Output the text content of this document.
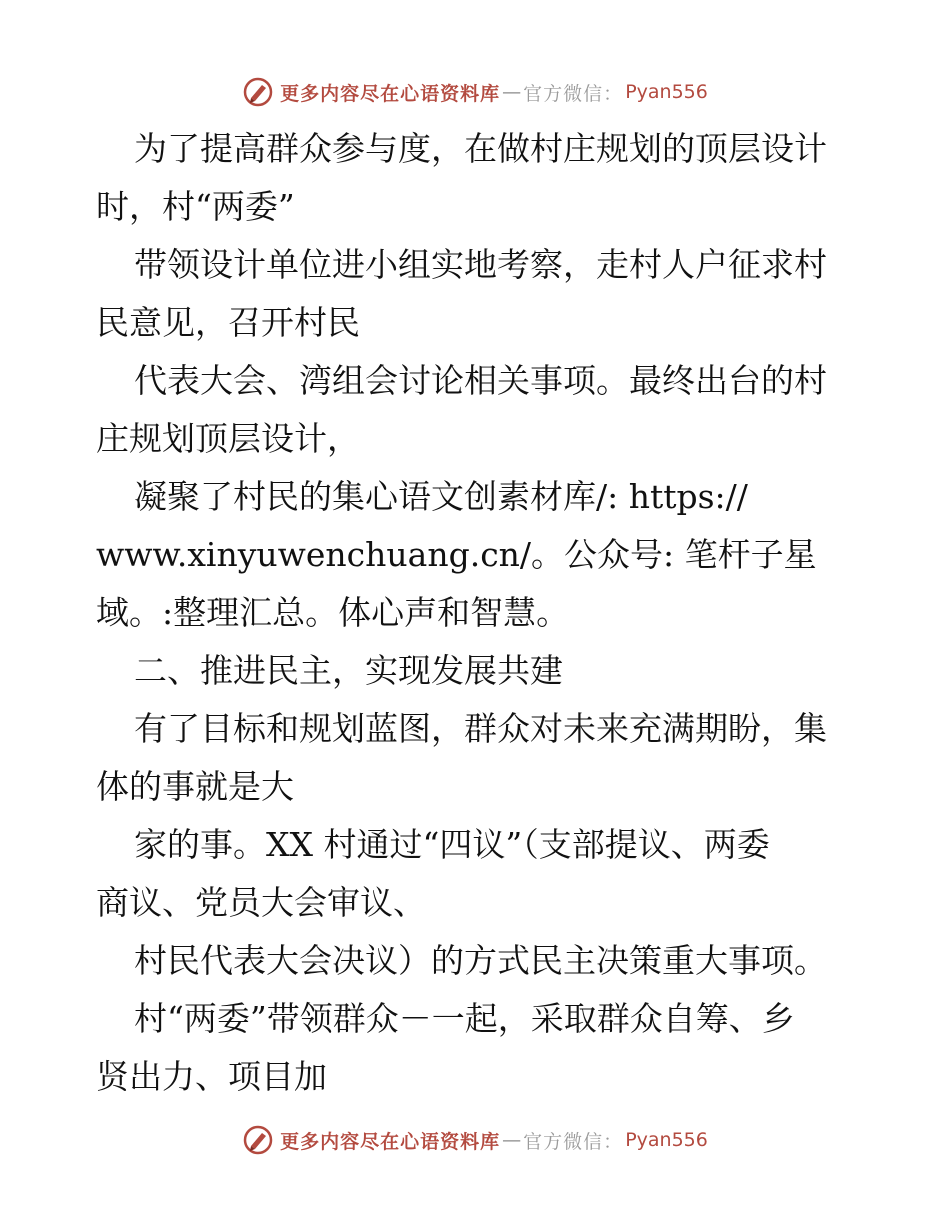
更多内容尽在心语资料库 — 官方微信： Pyan556
为了提高群众参与度，在做村庄规划的顶层设计
时，村“两委”
带领设计单位进小组实地考察，走村人户征求村
民意见，召开村民
代表大会、湾组会讨论相关事项。最终出台的村
庄规划顶层设计，
凝聚了村民的集心语文创素材库/: https://
www.xinyuwenchuang.cn/。公众号: 笔杆子星
域。:整理汇总。体心声和智慧。
二、推进民主，实现发展共建
有了目标和规划蓝图，群众对未来充满期盼，集
体的事就是大
家的事。XX 村通过“四议”（支部提议、两委
商议、党员大会审议、
村民代表大会决议）的方式民主决策重大事项。
村“两委”带领群众－一起，采取群众自筹、乡
贤出力、项目加
更多内容尽在心语资料库 — 官方微信： Pyan556
